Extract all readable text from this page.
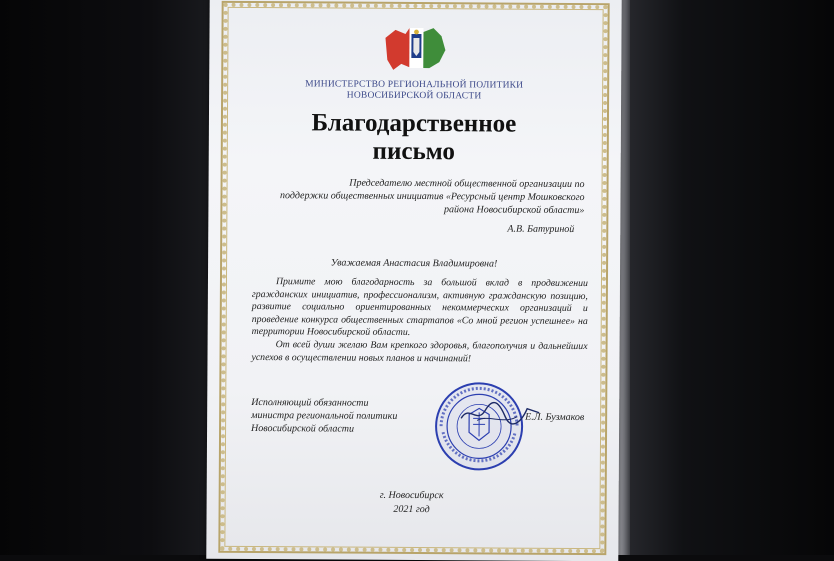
МИНИСТЕРСТВО РЕГИОНАЛЬНОЙ ПОЛИТИКИ
НОВОСИБИРСКОЙ ОБЛАСТИ
Благодарственное
письмо
Председателю местной общественной организации по
поддержки общественных инициатив «Ресурсный центр Мошковского
района Новосибирской области»
А.В. Батуриной
Уважаемая Анастасия Владимировна!

Примите мою благодарность за большой вклад в продвижении гражданских инициатив, профессионализм, активную гражданскую позицию, развитие социально ориентированных некоммерческих организаций и проведение конкурса общественных стартапов «Со мной регион успешнее» на территории Новосибирской области.

От всей души желаю Вам крепкого здоровья, благополучия и дальнейших успехов в осуществлении новых планов и начинаний!

Исполняющий обязанности
министра региональной политики
Новосибирской области
Е.Л. Бузмаков
г. Новосибирск
2021 год
